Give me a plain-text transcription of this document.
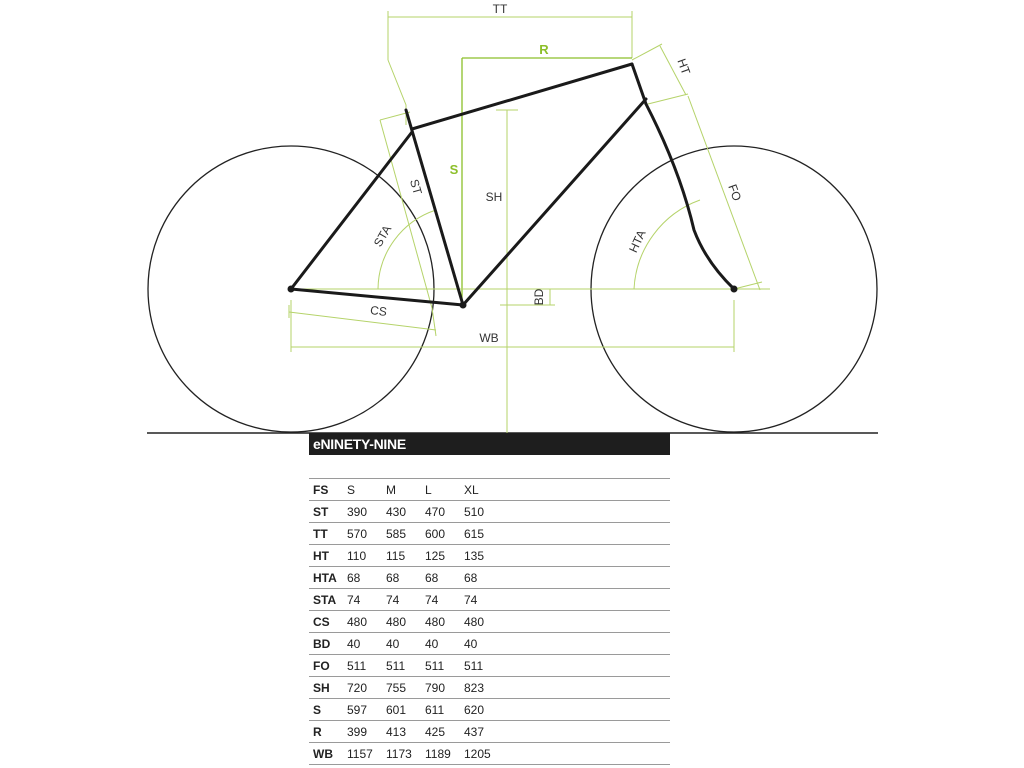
TT
R
S
SH
HT
FO
ST
STA	HTA
CS
BD
WB
eNINETY-NINE
FS	S	M	L	XL	
ST	390	430	470	510	
TT	570	585	600	615	
HT	110	115	125	135	
HTA	68	68	68	68	
STA	74	74	74	74	
CS	480	480	480	480	
BD	40	40	40	40	
FO	511	511	511	511	
SH	720	755	790	823	
S	597	601	611	620	
R	399	413	425	437	
WB	1157	1173	1189	1205	
